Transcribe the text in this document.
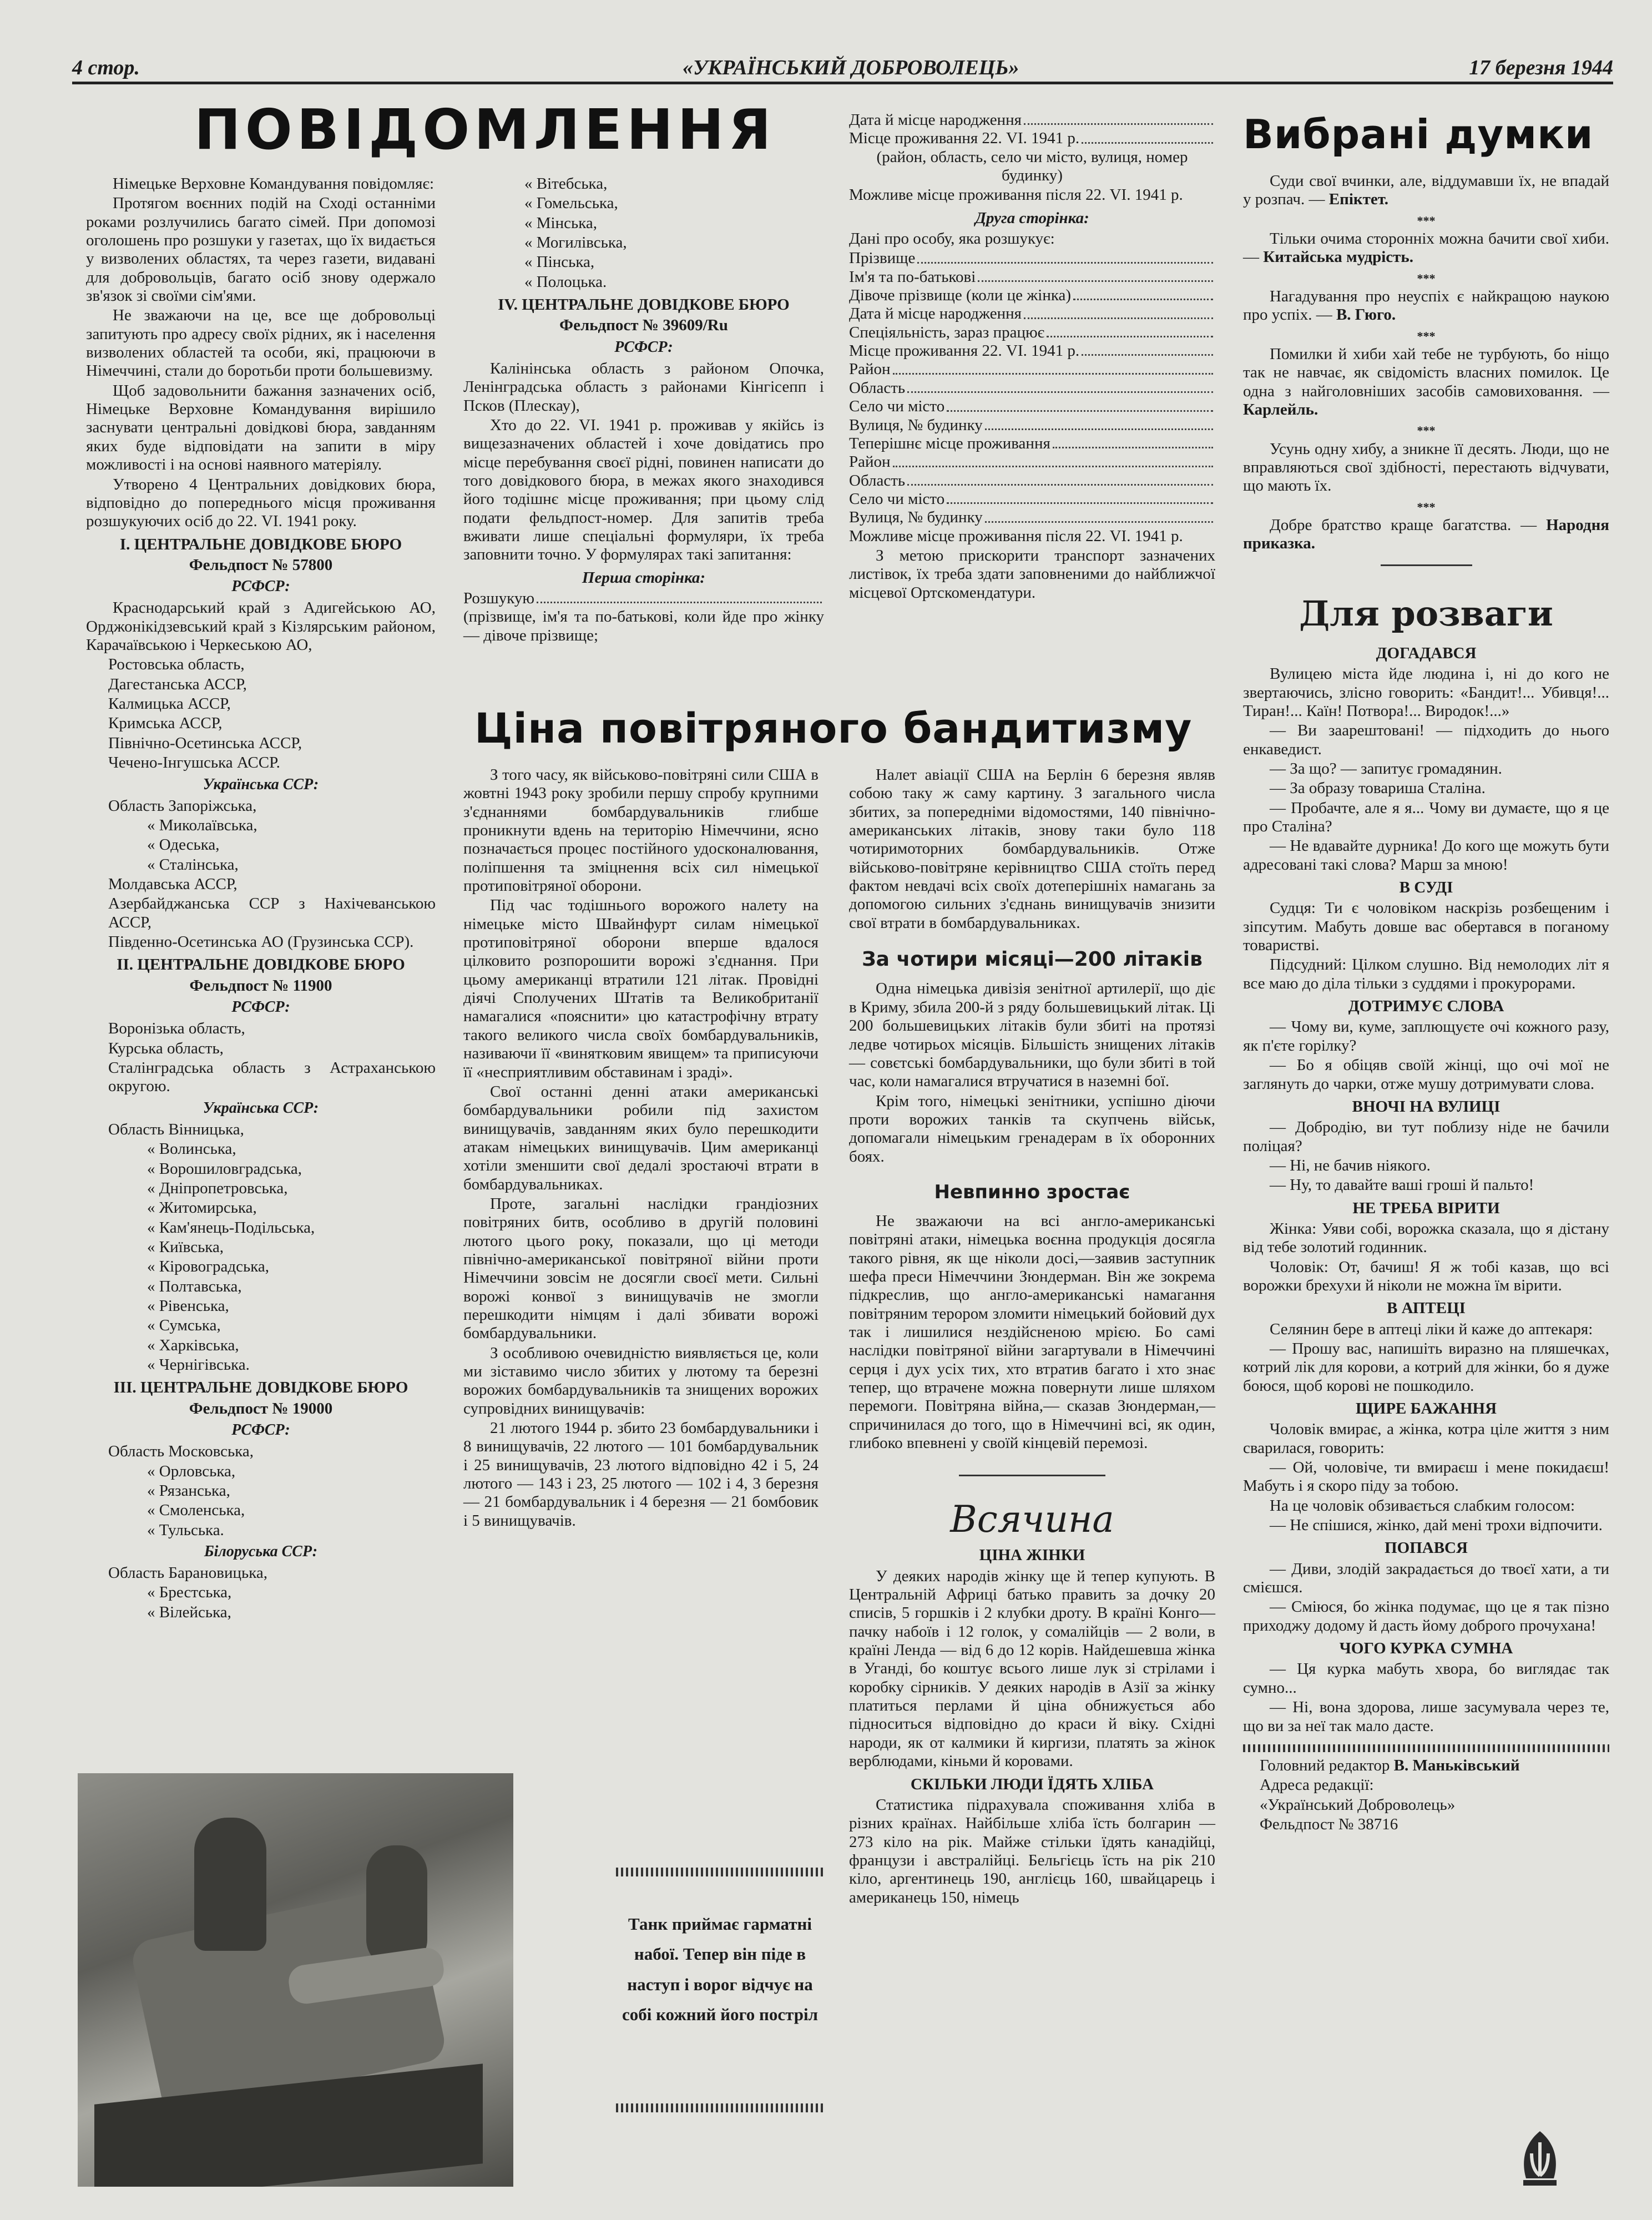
4 стор.	«УКРАЇНСЬКИЙ ДОБРОВОЛЕЦЬ»	17 березня 1944
ПОВІДОМЛЕННЯ

Німецьке Верховне Командування повідомляє:

Протягом воєнних подій на Сході останніми роками розлучились багато сімей. При допомозі оголошень про розшуки у газетах, що їх видається у визволених областях, та через газети, видавані для добровольців, багато осіб знову одержало зв'язок зі своїми сім'ями.

Не зважаючи на це, все ще добровольці запитують про адресу своїх рідних, як і населення визволених областей та особи, які, працюючи в Німеччині, стали до боротьби проти большевизму.

Щоб задовольнити бажання зазначених осіб, Німецьке Верховне Командування вирішило заснувати центральні довідкові бюра, завданням яких буде відповідати на запити в міру можливості і на основі наявного матеріялу.

Утворено 4 Центральних довідкових бюра, відповідно до попереднього місця проживання розшукуючих осіб до 22. VI. 1941 року.

І. ЦЕНТРАЛЬНЕ ДОВІДКОВЕ БЮРО

Фельдпост № 57800

РСФСР:

Краснодарський край з Адигейською АО, Орджонікідзевський край з Кізлярським районом, Карачаївською і Черкеською АО,

Ростовська область,

Дагестанська АССР,

Калмицька АССР,

Кримська АССР,

Північно-Осетинська АССР,

Чечено-Інгушська АССР.

Українська ССР:

Область Запоріжська,

« Миколаївська,

« Одеська,

« Сталінська,

Молдавська АССР,

Азербайджанська ССР з Нахічеванською АССР,

Південно-Осетинська АО (Грузинська ССР).

ІІ. ЦЕНТРАЛЬНЕ ДОВІДКОВЕ БЮРО

Фельдпост № 11900

РСФСР:

Воронізька область,

Курська область,

Сталінградська область з Астраханською округою.

Українська ССР:

Область Вінницька,

« Волинська,

« Ворошиловградська,

« Дніпропетровська,

« Житомирська,

« Кам'янець-Подільська,

« Київська,

« Кіровоградська,

« Полтавська,

« Рівенська,

« Сумська,

« Харківська,

« Чернігівська.

ІІІ. ЦЕНТРАЛЬНЕ ДОВІДКОВЕ БЮРО

Фельдпост № 19000

РСФСР:

Область Московська,

« Орловська,

« Рязанська,

« Смоленська,

« Тульська.

Білоруська ССР:

Область Барановицька,

« Брестська,

« Вілейська,

« Вітебська,

« Гомельська,

« Мінська,

« Могилівська,

« Пінська,

« Полоцька.

IV. ЦЕНТРАЛЬНЕ ДОВІДКОВЕ БЮРО

Фельдпост № 39609/Ru

РСФСР:

Калінінська область з районом Опочка, Ленінградська область з районами Кінгісепп і Псков (Плескау),

Хто до 22. VI. 1941 р. проживав у якійсь із вищезазначених областей і хоче довідатись про місце перебування своєї рідні, повинен написати до того довідкового бюра, в межах якого знаходився його тодішнє місце проживання; при цьому слід подати фельдпост-номер. Для запитів треба вживати лише спеціальні формуляри, їх треба заповнити точно. У формулярах такі запитання:

Перша сторінка:

Розшукую

(прізвище, ім'я та по-батькові, коли йде про жінку — дівоче прізвище;

Дата й місце народження
Місце проживання 22. VI. 1941 р.

(район, область, село чи місто, вулиця, номер будинку)

Можливе місце проживання після 22. VI. 1941 р.

Друга сторінка:

Дані про особу, яка розшукує:

Прізвище
Ім'я та по-батькові
Дівоче прізвище (коли це жінка)
Дата й місце народження
Спеціяльність, зараз працює
Місце проживання 22. VI. 1941 р.
Район
Область
Село чи місто
Вулиця, № будинку
Теперішнє місце проживання
Район
Область
Село чи місто
Вулиця, № будинку

Можливе місце проживання після 22. VI. 1941 р.

З метою прискорити транспорт зазначених листівок, їх треба здати заповненими до найближчої місцевої Ортскомендатури.

Ціна повітряного бандитизму

З того часу, як військово-повітряні сили США в жовтні 1943 року зробили першу спробу крупними з'єднаннями бомбардувальників глибше проникнути вдень на територію Німеччини, ясно позначається процес постійного удосконалювання, поліпшення та зміцнення всіх сил німецької протиповітряної оборони.

Під час тодішнього ворожого налету на німецьке місто Швайнфурт силам німецької протиповітряної оборони вперше вдалося цілковито розпорошити ворожі з'єднання. При цьому американці втратили 121 літак. Провідні діячі Сполучених Штатів та Великобританії намагалися «пояснити» цю катастрофічну втрату такого великого числа своїх бомбардувальників, називаючи її «винятковим явищем» та приписуючи її «несприятливим обставинам і зраді».

Свої останні денні атаки американські бомбардувальники робили під захистом винищувачів, завданням яких було перешкодити атакам німецьких винищувачів. Цим американці хотіли зменшити свої дедалі зростаючі втрати в бомбардувальниках.

Проте, загальні наслідки грандіозних повітряних битв, особливо в другій половині лютого цього року, показали, що ці методи північно-американської повітряної війни проти Німеччини зовсім не досягли своєї мети. Сильні ворожі конвої з винищувачів не змогли перешкодити німцям і далі збивати ворожі бомбардувальники.

З особливою очевидністю виявляється це, коли ми зіставимо число збитих у лютому та березні ворожих бомбардувальників та знищених ворожих супровідних винищувачів:

21 лютого 1944 р. збито 23 бомбардувальники і 8 винищувачів, 22 лютого — 101 бомбардувальник і 25 винищувачів, 23 лютого відповідно 42 і 5, 24 лютого — 143 і 23, 25 лютого — 102 і 4, 3 березня — 21 бомбардувальник і 4 березня — 21 бомбовик і 5 винищувачів.

Налет авіації США на Берлін 6 березня являв собою таку ж саму картину. З загального числа збитих, за попередніми відомостями, 140 північно-американських літаків, знову таки було 118 чотиримоторних бомбардувальників. Отже військово-повітряне керівництво США стоїть перед фактом невдачі всіх своїх дотеперішніх намагань за допомогою сильних з'єднань винищувачів знизити свої втрати в бомбардувальниках.

За чотири місяці—200 літаків

Одна німецька дивізія зенітної артилерії, що діє в Криму, збила 200-й з ряду большевицький літак. Ці 200 большевицьких літаків були збиті на протязі ледве чотирьох місяців. Більшість знищених літаків — совєтські бомбардувальники, що були збиті в той час, коли намагалися втручатися в наземні бої.

Крім того, німецькі зенітники, успішно діючи проти ворожих танків та скупчень військ, допомагали німецьким гренадерам в їх оборонних боях.

Невпинно зростає

Не зважаючи на всі англо-американські повітряні атаки, німецька воєнна продукція досягла такого рівня, як ще ніколи досі,—заявив заступник шефа преси Німеччини Зюндерман. Він же зокрема підкреслив, що англо-американські намагання повітряним терором зломити німецький бойовий дух так і лишилися нездійсненою мрією. Бо самі наслідки повітряної війни загартували в Німеччині серця і дух усіх тих, хто втратив багато і хто знає тепер, що втрачене можна повернути лише шляхом перемоги. Повітряна війна,— сказав Зюндерман,— спричинилася до того, що в Німеччині всі, як один, глибоко впевнені у своїй кінцевій перемозі.

Всячина

ЦІНА ЖІНКИ

У деяких народів жінку ще й тепер купують. В Центральній Африці батько править за дочку 20 списів, 5 горшків і 2 клубки дроту. В країні Конго—пачку набоїв і 12 голок, у сомалійців — 2 воли, в країні Ленда — від 6 до 12 корів. Найдешевша жінка в Уганді, бо коштує всього лише лук зі стрілами і коробку сірників. У деяких народів в Азії за жінку платиться перлами й ціна обнижується або підноситься відповідно до краси й віку. Східні народи, як от калмики й киргизи, платять за жінок верблюдами, кіньми й коровами.

СКІЛЬКИ ЛЮДИ ЇДЯТЬ ХЛІБА

Статистика підрахувала споживання хліба в різних країнах. Найбільше хліба їсть болгарин — 273 кіло на рік. Майже стільки їдять канадійці, французи і австралійці. Бельгієць їсть на рік 210 кіло, аргентинець 190, англієць 160, швайцарець і американець 150, німець

Танк приймає гарматні набої. Тепер він піде в наступ і ворог відчує на собі кожний його постріл
Вибрані думки

Суди свої вчинки, але, віддумавши їх, не впадай у розпач. — Епіктет.

***

Тільки очима сторонніх можна бачити свої хиби. — Китайська мудрість.

***

Нагадування про неуспіх є найкращою наукою про успіх. — В. Гюго.

***

Помилки й хиби хай тебе не турбують, бо ніщо так не навчає, як свідомість власних помилок. Це одна з найголовніших засобів самовиховання. — Карлейль.

***

Усунь одну хибу, а зникне її десять. Люди, що не вправляються свої здібності, перестають відчувати, що мають їх.

***

Добре братство краще багатства. — Народня приказка.

Для розваги

ДОГАДАВСЯ

Вулицею міста йде людина і, ні до кого не звертаючись, злісно говорить: «Бандит!... Убивця!... Тиран!... Каїн! Потвора!... Виродок!...»

— Ви заарештовані! — підходить до нього енкаведист.

— За що? — запитує громадянин.

— За образу товариша Сталіна.

— Пробачте, але я я... Чому ви думаєте, що я це про Сталіна?

— Не вдавайте дурника! До кого ще можуть бути адресовані такі слова? Марш за мною!

В СУДІ

Судця: Ти є чоловіком наскрізь розбещеним і зіпсутим. Мабуть довше вас обертався в поганому товаристві.

Підсудний: Цілком слушно. Від немолодих літ я все маю до діла тільки з суддями і прокурорами.

ДОТРИМУЄ СЛОВА

— Чому ви, куме, заплющуєте очі кожного разу, як п'єте горілку?

— Бо я обіцяв своїй жінці, що очі мої не заглянуть до чарки, отже мушу дотримувати слова.

ВНОЧІ НА ВУЛИЦІ

— Добродію, ви тут поблизу ніде не бачили поліцая?

— Ні, не бачив ніякого.

— Ну, то давайте ваші гроші й пальто!

НЕ ТРЕБА ВІРИТИ

Жінка: Уяви собі, ворожка сказала, що я дістану від тебе золотий годинник.

Чоловік: От, бачиш! Я ж тобі казав, що всі ворожки брехухи й ніколи не можна їм вірити.

В АПТЕЦІ

Селянин бере в аптеці ліки й каже до аптекаря:

— Прошу вас, напишіть виразно на пляшечках, котрий лік для корови, а котрий для жінки, бо я дуже боюся, щоб корові не пошкодило.

ЩИРЕ БАЖАННЯ

Чоловік вмирає, а жінка, котра ціле життя з ним сварилася, говорить:

— Ой, чоловіче, ти вмираєш і мене покидаєш! Мабуть і я скоро піду за тобою.

На це чоловік обзивається слабким голосом:

— Не спішися, жінко, дай мені трохи відпочити.

ПОПАВСЯ

— Диви, злодій закрадається до твоєї хати, а ти смієшся.

— Сміюся, бо жінка подумає, що це я так пізно приходжу додому й дасть йому доброго прочухана!

ЧОГО КУРКА СУМНА

— Ця курка мабуть хвора, бо виглядає так сумно...

— Ні, вона здорова, лише засумувала через те, що ви за неї так мало дасте.

Головний редактор В. Маньківський

Адреса редакції:

«Український Доброволець»

Фельдпост № 38716
